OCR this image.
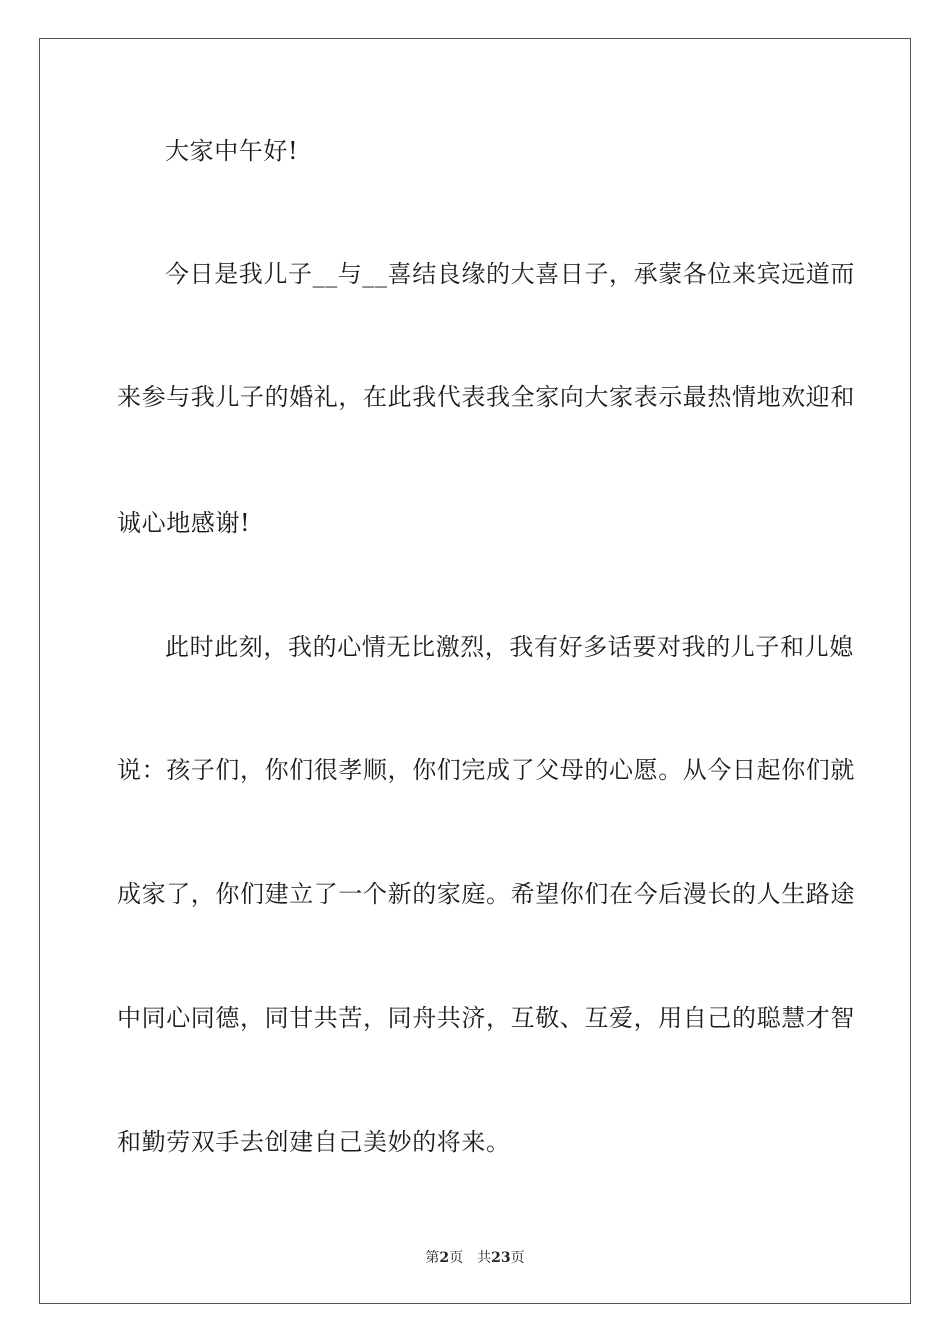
大家中午好!

今日是我儿子__与__喜结良缘的大喜日子，承蒙各位来宾远道而

来参与我儿子的婚礼，在此我代表我全家向大家表示最热情地欢迎和

诚心地感谢!

此时此刻，我的心情无比激烈，我有好多话要对我的儿子和儿媳

说：孩子们，你们很孝顺，你们完成了父母的心愿。从今日起你们就

成家了，你们建立了一个新的家庭。希望你们在今后漫长的人生路途

中同心同德，同甘共苦，同舟共济，互敬、互爱，用自己的聪慧才智

和勤劳双手去创建自己美妙的将来。

第2页 共23页
